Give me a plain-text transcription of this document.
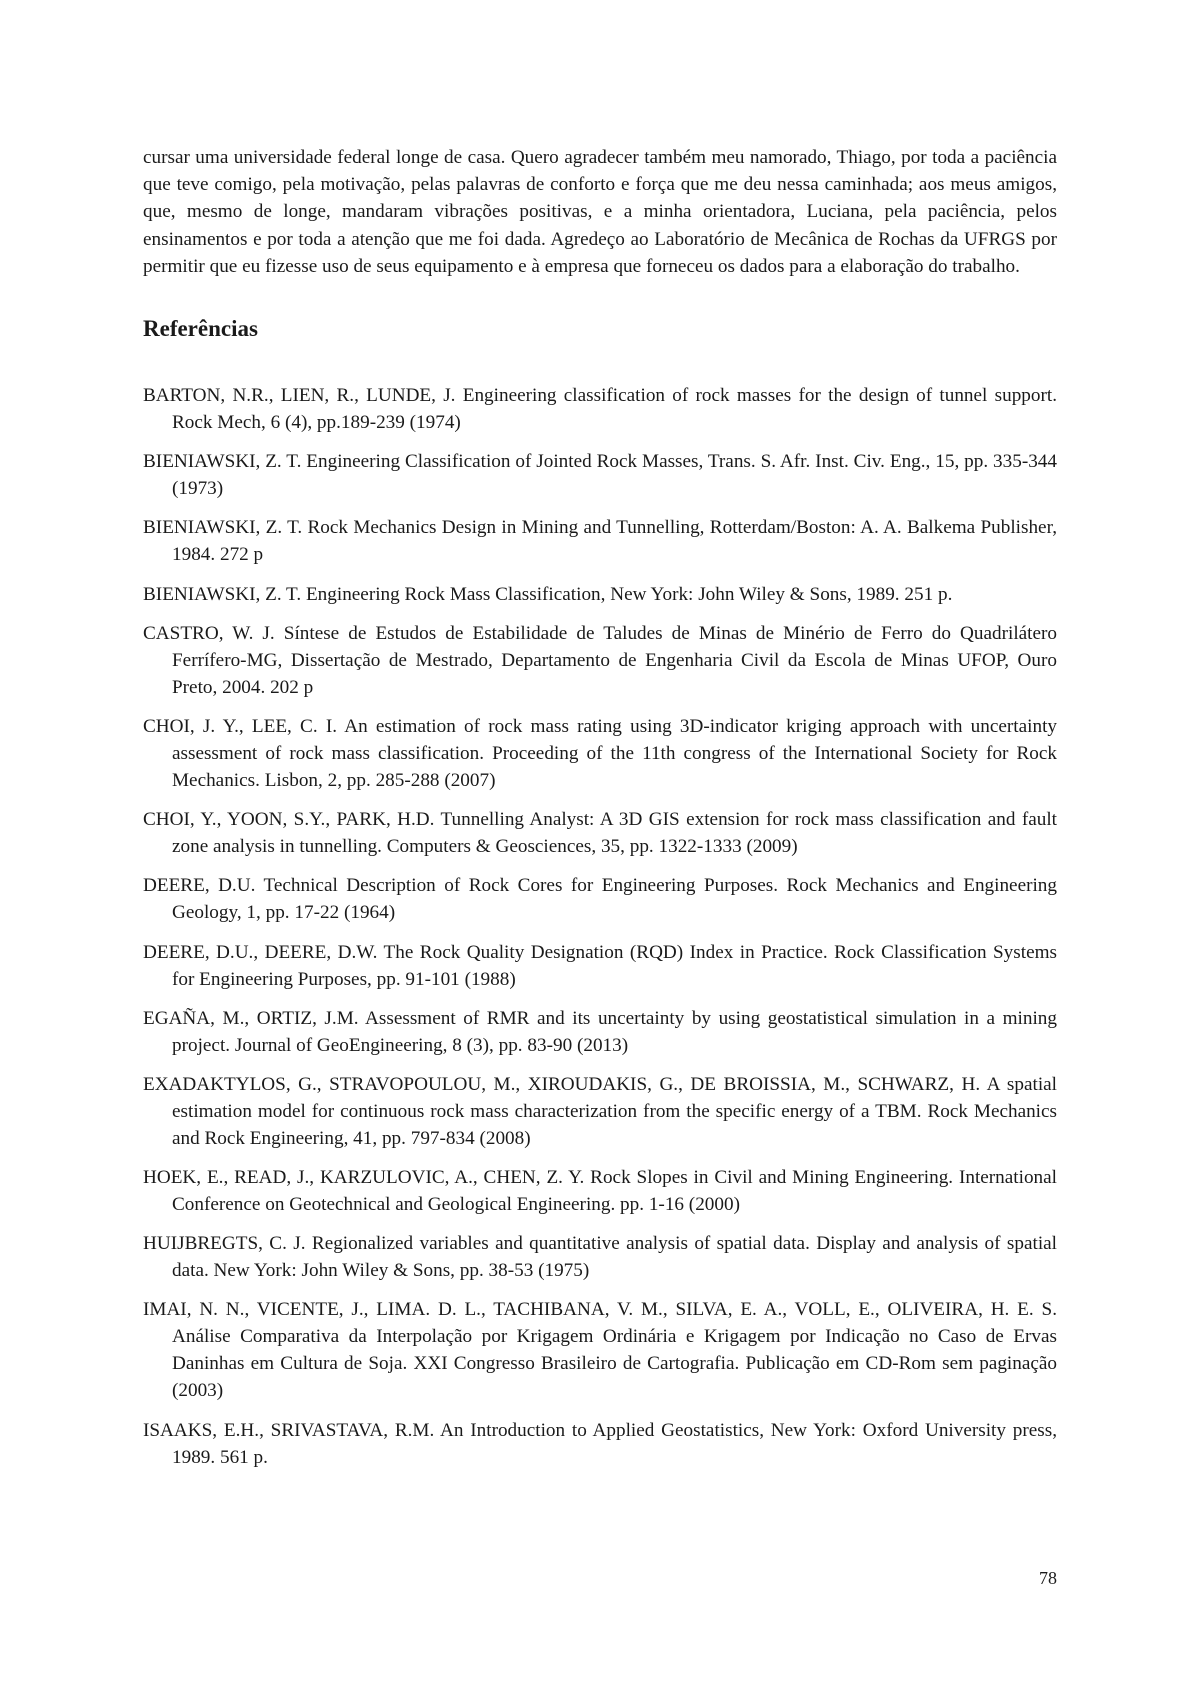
cursar uma universidade federal longe de casa. Quero agradecer também meu namorado, Thiago, por toda a paciência que teve comigo, pela motivação, pelas palavras de conforto e força que me deu nessa caminhada; aos meus amigos, que, mesmo de longe, mandaram vibrações positivas, e a minha orientadora, Luciana, pela paciência, pelos ensinamentos e por toda a atenção que me foi dada. Agredeço ao Laboratório de Mecânica de Rochas da UFRGS por permitir que eu fizesse uso de seus equipamento e à empresa que forneceu os dados para a elaboração do trabalho.

Referências
BARTON, N.R., LIEN, R., LUNDE, J. Engineering classification of rock masses for the design of tunnel support. Rock Mech, 6 (4), pp.189-239 (1974)
BIENIAWSKI, Z. T. Engineering Classification of Jointed Rock Masses, Trans. S. Afr. Inst. Civ. Eng., 15, pp. 335-344 (1973)
BIENIAWSKI, Z. T. Rock Mechanics Design in Mining and Tunnelling, Rotterdam/Boston: A. A. Balkema Publisher, 1984. 272 p
BIENIAWSKI, Z. T. Engineering Rock Mass Classification, New York: John Wiley & Sons, 1989. 251 p.
CASTRO, W. J. Síntese de Estudos de Estabilidade de Taludes de Minas de Minério de Ferro do Quadrilátero Ferrífero-MG, Dissertação de Mestrado, Departamento de Engenharia Civil da Escola de Minas UFOP, Ouro Preto, 2004. 202 p
CHOI, J. Y., LEE, C. I. An estimation of rock mass rating using 3D-indicator kriging approach with uncertainty assessment of rock mass classification. Proceeding of the 11th congress of the International Society for Rock Mechanics. Lisbon, 2, pp. 285-288 (2007)
CHOI, Y., YOON, S.Y., PARK, H.D. Tunnelling Analyst: A 3D GIS extension for rock mass classification and fault zone analysis in tunnelling. Computers & Geosciences, 35, pp. 1322-1333 (2009)
DEERE, D.U. Technical Description of Rock Cores for Engineering Purposes. Rock Mechanics and Engineering Geology, 1, pp. 17-22 (1964)
DEERE, D.U., DEERE, D.W. The Rock Quality Designation (RQD) Index in Practice. Rock Classification Systems for Engineering Purposes, pp. 91-101 (1988)
EGAÑA, M., ORTIZ, J.M. Assessment of RMR and its uncertainty by using geostatistical simulation in a mining project. Journal of GeoEngineering, 8 (3), pp. 83-90 (2013)
EXADAKTYLOS, G., STRAVOPOULOU, M., XIROUDAKIS, G., DE BROISSIA, M., SCHWARZ, H. A spatial estimation model for continuous rock mass characterization from the specific energy of a TBM. Rock Mechanics and Rock Engineering, 41, pp. 797-834 (2008)
HOEK, E., READ, J., KARZULOVIC, A., CHEN, Z. Y. Rock Slopes in Civil and Mining Engineering. International Conference on Geotechnical and Geological Engineering. pp. 1-16 (2000)
HUIJBREGTS, C. J. Regionalized variables and quantitative analysis of spatial data. Display and analysis of spatial data. New York: John Wiley & Sons, pp. 38-53 (1975)
IMAI, N. N., VICENTE, J., LIMA. D. L., TACHIBANA, V. M., SILVA, E. A., VOLL, E., OLIVEIRA, H. E. S. Análise Comparativa da Interpolação por Krigagem Ordinária e Krigagem por Indicação no Caso de Ervas Daninhas em Cultura de Soja. XXI Congresso Brasileiro de Cartografia. Publicação em CD-Rom sem paginação (2003)
ISAAKS, E.H., SRIVASTAVA, R.M. An Introduction to Applied Geostatistics, New York: Oxford University press, 1989. 561 p.
78
